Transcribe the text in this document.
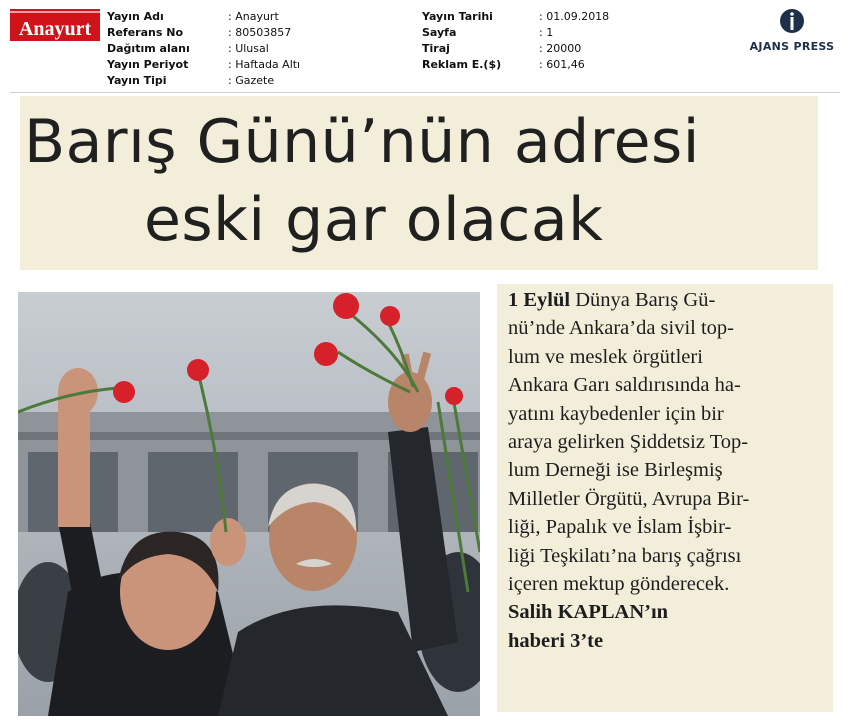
Anayurt
Yayın Adı	: Anayurt
Referans No	: 80503857
Dağıtım alanı	: Ulusal
Yayın Periyot	: Haftada Altı
Yayın Tipi	: Gazete
Yayın Tarihi	: 01.09.2018
Sayfa	: 1
Tiraj	: 20000
Reklam E.($)	: 601,46
AJANS PRESS
Barış Günü’nün adresi
eski gar olacak
1 Eylül Dünya Barış Gü-
nü’nde Ankara’da sivil top-
lum ve meslek örgütleri
Ankara Garı saldırısında ha-
yatını kaybedenler için bir
araya gelirken Şiddetsiz Top-
lum Derneği ise Birleşmiş
Milletler Örgütü, Avrupa Bir-
liği, Papalık ve İslam İşbir-
liği Teşkilatı’na barış çağrısı
içeren mektup gönderecek.
Salih KAPLAN’ın
haberi 3’te
